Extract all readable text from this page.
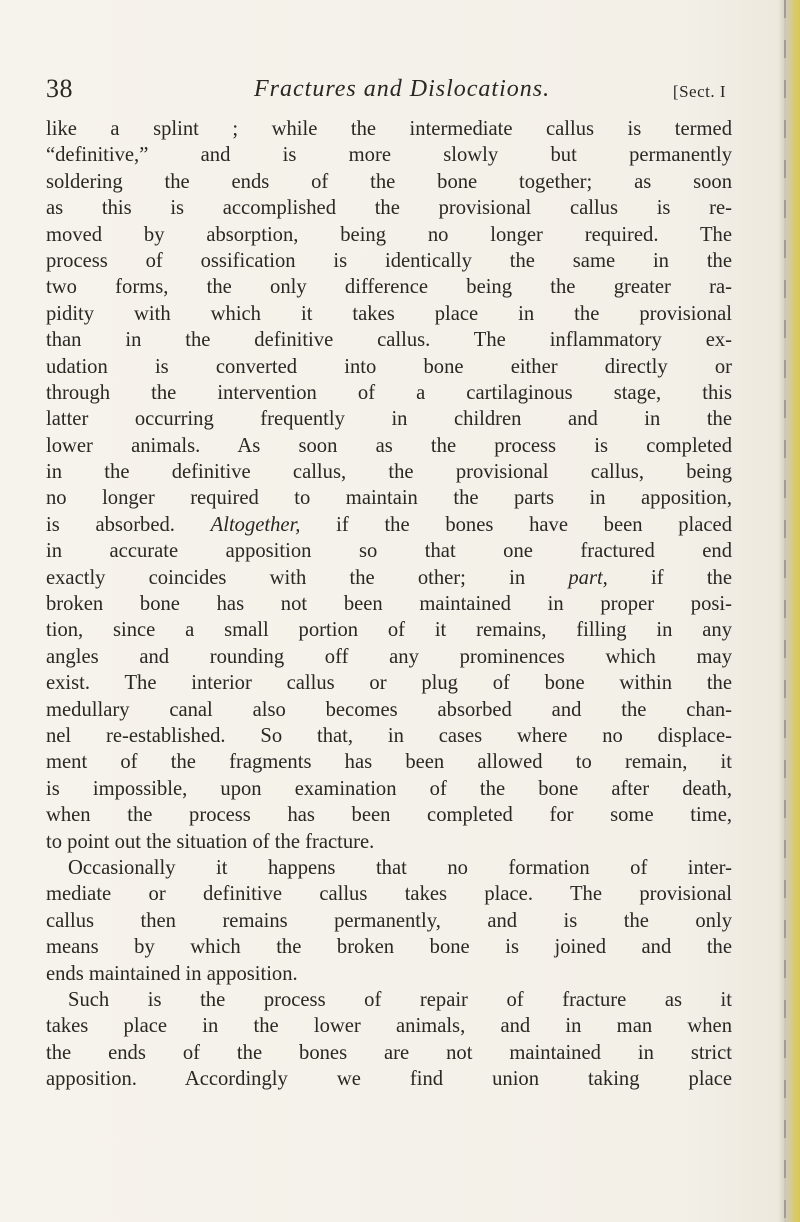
38	Fractures and Dislocations.	[Sect. I
like a splint ; while the intermediate callus is termed
“definitive,” and is more slowly but permanently
soldering the ends of the bone together; as soon
as this is accomplished the provisional callus is re-
moved by absorption, being no longer required. The
process of ossification is identically the same in the
two forms, the only difference being the greater ra-
pidity with which it takes place in the provisional
than in the definitive callus. The inflammatory ex-
udation is converted into bone either directly or
through the intervention of a cartilaginous stage, this
latter occurring frequently in children and in the
lower animals. As soon as the process is completed
in the definitive callus, the provisional callus, being
no longer required to maintain the parts in apposition,
is absorbed. Altogether, if the bones have been placed
in accurate apposition so that one fractured end
exactly coincides with the other; in part, if the
broken bone has not been maintained in proper posi-
tion, since a small portion of it remains, filling in any
angles and rounding off any prominences which may
exist. The interior callus or plug of bone within the
medullary canal also becomes absorbed and the chan-
nel re-established. So that, in cases where no displace-
ment of the fragments has been allowed to remain, it
is impossible, upon examination of the bone after death,
when the process has been completed for some time,
to point out the situation of the fracture.
Occasionally it happens that no formation of inter-
mediate or definitive callus takes place. The provisional
callus then remains permanently, and is the only
means by which the broken bone is joined and the
ends maintained in apposition.
Such is the process of repair of fracture as it
takes place in the lower animals, and in man when
the ends of the bones are not maintained in strict
apposition. Accordingly we find union taking place
